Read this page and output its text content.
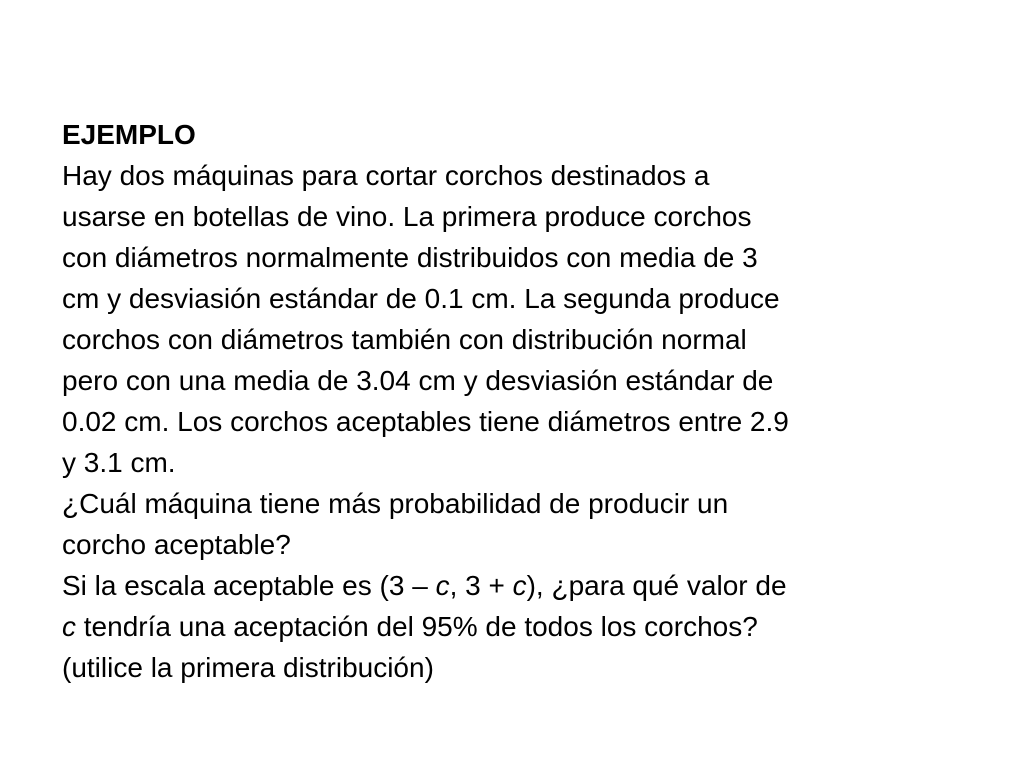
EJEMPLO
Hay dos máquinas para cortar corchos destinados a
usarse en botellas de vino. La primera produce corchos
con diámetros normalmente distribuidos con media de 3
cm y desviasión estándar de 0.1 cm. La segunda produce
corchos con diámetros también con distribución normal
pero con una media de 3.04 cm y desviasión estándar de
0.02 cm. Los corchos aceptables tiene diámetros entre 2.9
y 3.1 cm.
¿Cuál máquina tiene más probabilidad de producir un
corcho aceptable?
Si la escala aceptable es (3 – c, 3 + c), ¿para qué valor de
c tendría una aceptación del 95% de todos los corchos?
(utilice la primera distribución)
